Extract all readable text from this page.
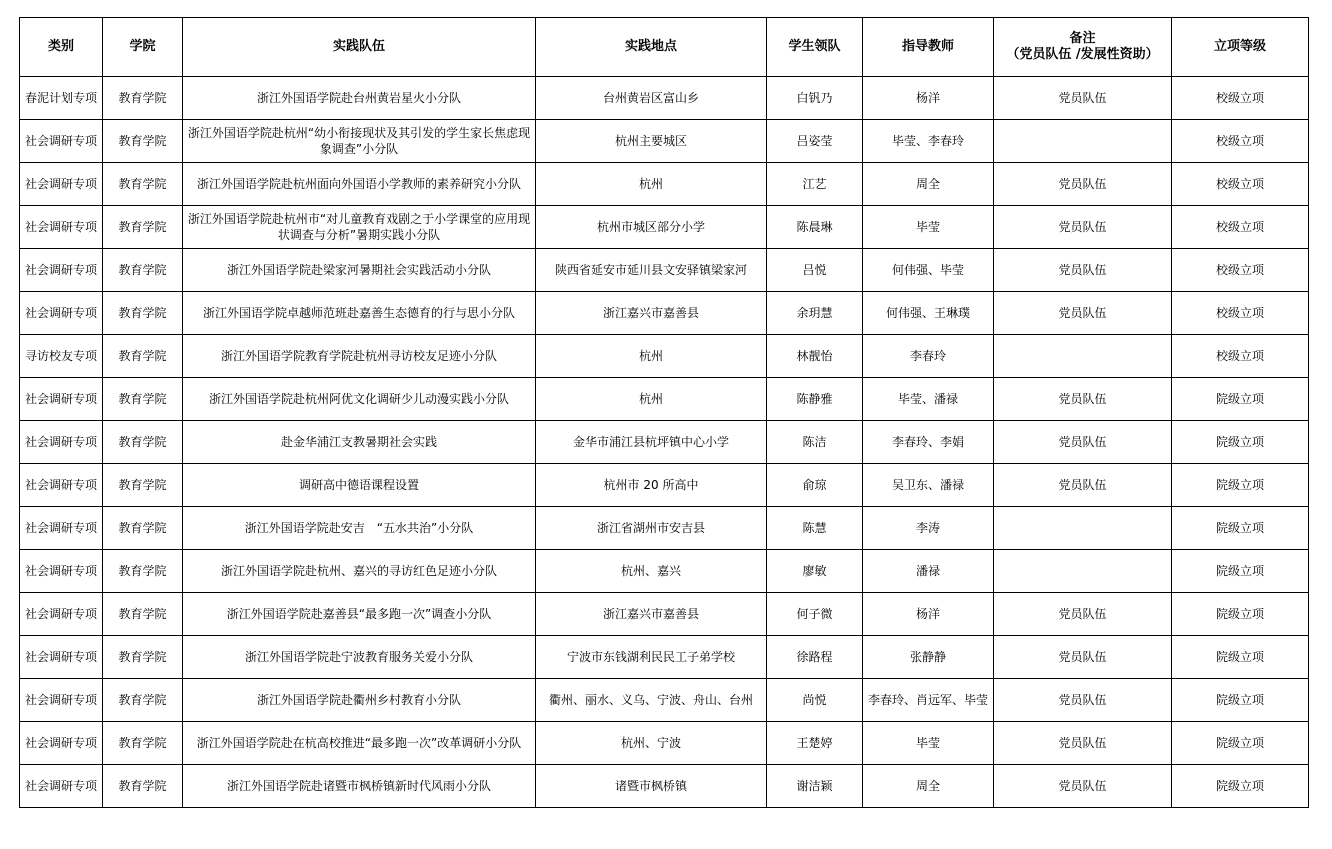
类别	学院	实践队伍	实践地点	学生领队	指导教师	备注
（党员队伍 /发展性资助）	立项等级
春泥计划专项	教育学院	浙江外国语学院赴台州黄岩星火小分队	台州黄岩区富山乡	白钒乃	杨洋	党员队伍	校级立项
社会调研专项	教育学院	浙江外国语学院赴杭州“幼小衔接现状及其引发的学生家长焦虑现象调查”小分队	杭州主要城区	吕姿莹	毕莹、李春玲		校级立项
社会调研专项	教育学院	浙江外国语学院赴杭州面向外国语小学教师的素养研究小分队	杭州	江艺	周全	党员队伍	校级立项
社会调研专项	教育学院	浙江外国语学院赴杭州市“对儿童教育戏剧之于小学课堂的应用现状调查与分析”暑期实践小分队	杭州市城区部分小学	陈晨琳	毕莹	党员队伍	校级立项
社会调研专项	教育学院	浙江外国语学院赴梁家河暑期社会实践活动小分队	陕西省延安市延川县文安驿镇梁家河	吕悦	何伟强、毕莹	党员队伍	校级立项
社会调研专项	教育学院	浙江外国语学院卓越师范班赴嘉善生态德育的行与思小分队	浙江嘉兴市嘉善县	余玥慧	何伟强、王琳璞	党员队伍	校级立项
寻访校友专项	教育学院	浙江外国语学院教育学院赴杭州寻访校友足迹小分队	杭州	林靓怡	李春玲		校级立项
社会调研专项	教育学院	浙江外国语学院赴杭州阿优文化调研少儿动漫实践小分队	杭州	陈静雅	毕莹、潘禄	党员队伍	院级立项
社会调研专项	教育学院	赴金华浦江支教暑期社会实践	金华市浦江县杭坪镇中心小学	陈洁	李春玲、李娟	党员队伍	院级立项
社会调研专项	教育学院	调研高中德语课程设置	杭州市 20 所高中	俞琼	吴卫东、潘禄	党员队伍	院级立项
社会调研专项	教育学院	浙江外国语学院赴安吉　“五水共治”小分队	浙江省湖州市安吉县	陈慧	李涛		院级立项
社会调研专项	教育学院	浙江外国语学院赴杭州、嘉兴的寻访红色足迹小分队	杭州、嘉兴	廖敏	潘禄		院级立项
社会调研专项	教育学院	浙江外国语学院赴嘉善县“最多跑一次”调查小分队	浙江嘉兴市嘉善县	何子微	杨洋	党员队伍	院级立项
社会调研专项	教育学院	浙江外国语学院赴宁波教育服务关爱小分队	宁波市东钱湖利民民工子弟学校	徐路程	张静静	党员队伍	院级立项
社会调研专项	教育学院	浙江外国语学院赴衢州乡村教育小分队	衢州、丽水、义乌、宁波、舟山、台州	尚悦	李春玲、肖远军、毕莹	党员队伍	院级立项
社会调研专项	教育学院	浙江外国语学院赴在杭高校推进“最多跑一次”改革调研小分队	杭州、宁波	王楚婷	毕莹	党员队伍	院级立项
社会调研专项	教育学院	浙江外国语学院赴诸暨市枫桥镇新时代风雨小分队	诸暨市枫桥镇	谢洁颖	周全	党员队伍	院级立项
